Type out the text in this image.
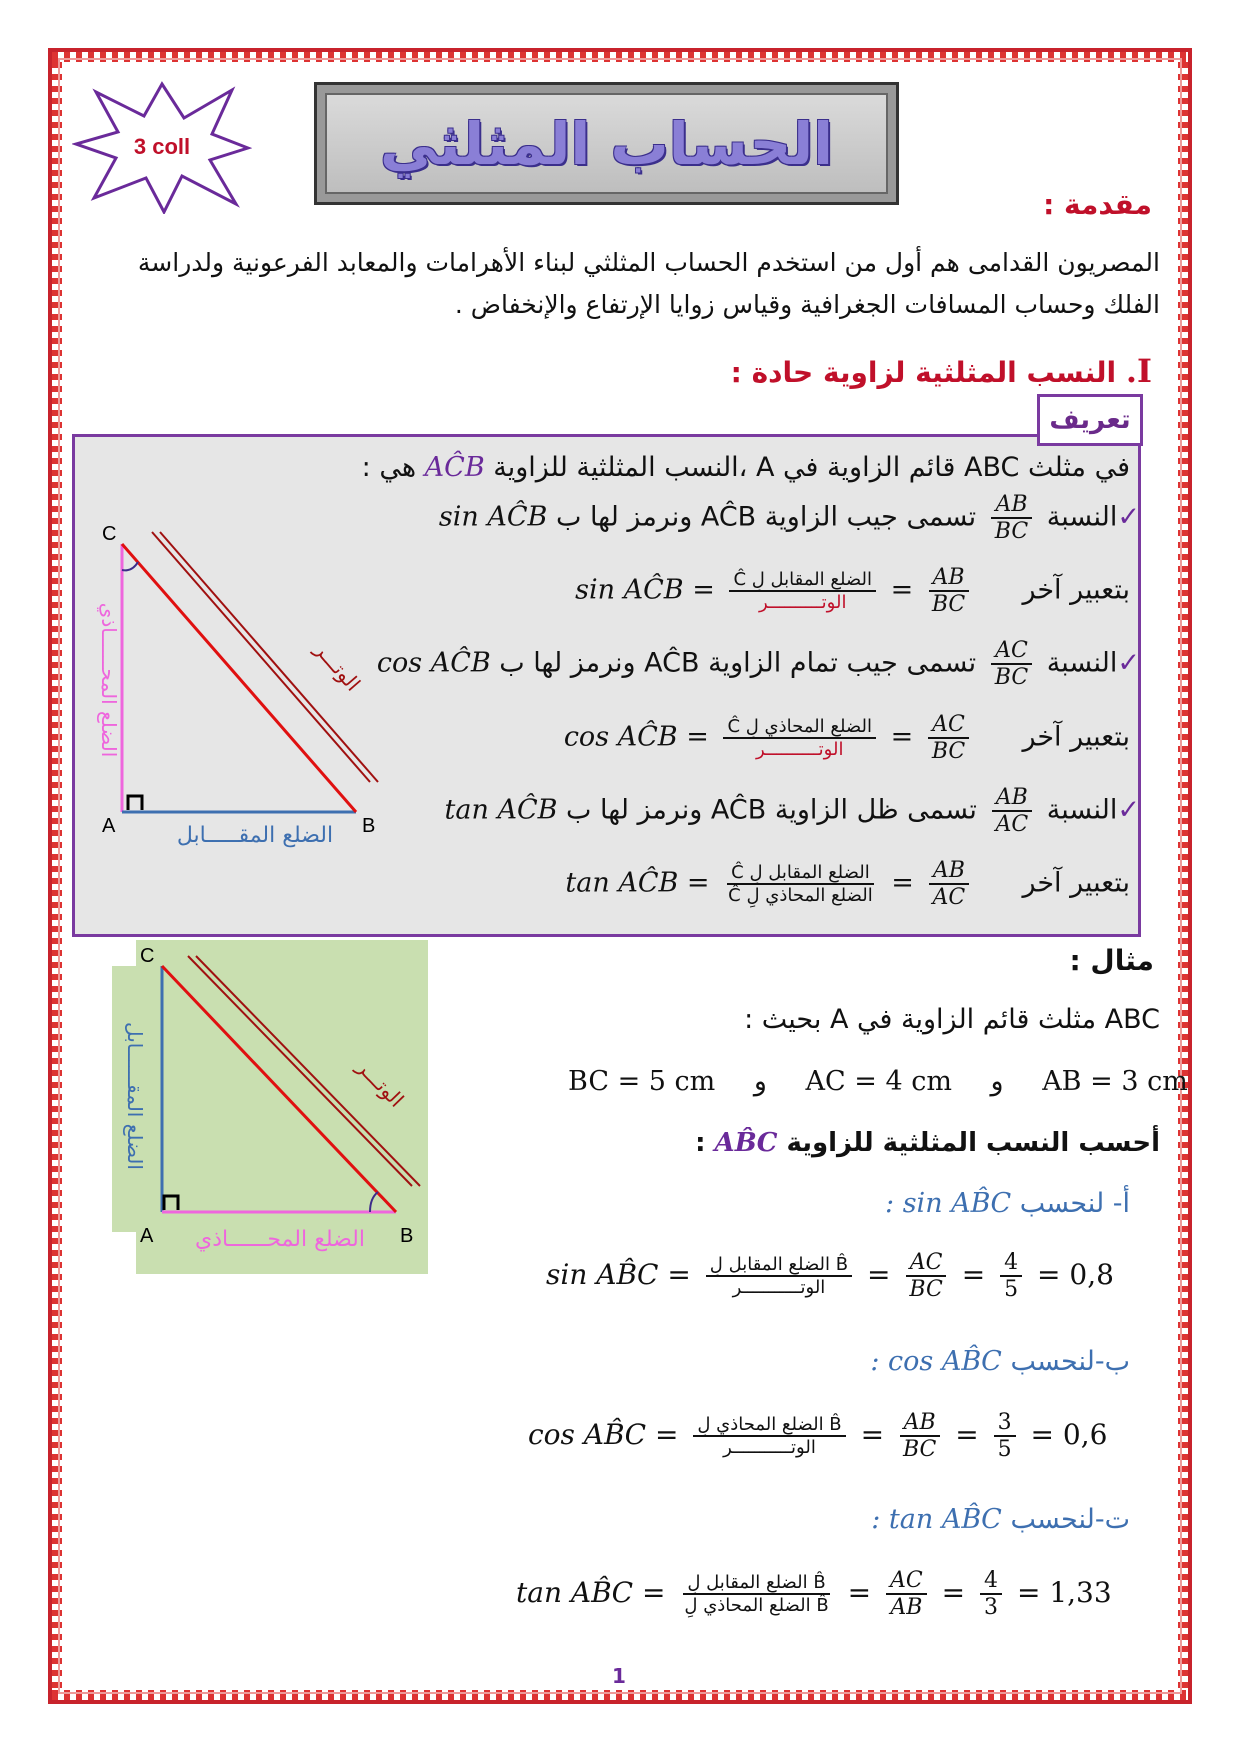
3 coll	الحساب المثلثي
مقدمة :
المصريون القدامى هم أول من استخدم الحساب المثلثي لبناء الأهرامات والمعابد الفرعونية ولدراسة
الفلك وحساب المسافات الجغرافية وقياس زوايا الإرتفاع والإنخفاض .
I. النسب المثلثية لزاوية حادة :
تعريف
في مثلث ABC قائم الزاوية في A ،النسب المثلثية للزاوية AĈB هي :
✓النسبة
$\frac{AB}{BC}$
تسمى جيب الزاوية AĈB ونرمز لها ب sin AĈB
بتعبير آخر
$\frac{AB}{BC}$
=
$\frac{\text{الضلع المقابل لِ Ĉ}}{\text{الوتــــــــــر}}$
= sin AĈB
✓النسبة
$\frac{AC}{BC}$
تسمى جيب تمام الزاوية AĈB ونرمز لها ب cos AĈB
بتعبير آخر
$\frac{AC}{BC}$
=
$\frac{\text{الضلع المحاذي لِ Ĉ}}{\text{الوتــــــــــر}}$
= cos AĈB
✓النسبة
$\frac{AB}{AC}$
تسمى ظل الزاوية AĈB ونرمز لها ب tan AĈB
بتعبير آخر
$\frac{AB}{AC}$
=
$\frac{\text{الضلع المقابل لِ Ĉ}}{\text{الضلع المحاذي لِ Ĉ}}$
= tan AĈB
C
A	B
الضلع المقـــــابل
الضلع المحــــــاذي	الوتـــر
مثال :
ABC مثلث قائم الزاوية في A بحيث :
BC = 5 cm و AC = 4 cm و AB = 3 cm
أحسب النسب المثلثية للزاوية AB̂C :
أ- لنحسب sin AB̂C :
sin AB̂C = $\frac{\text{الضلع المقابل لِ B̂}}{\text{الوتـــــــــــر}} = \frac{AC}{BC} = \frac{4}{5} = 0,8$
ب-لنحسب cos AB̂C :
cos AB̂C = $\frac{\text{الضلع المحاذي لِ B̂}}{\text{الوتـــــــــــر}} = \frac{AB}{BC} = \frac{3}{5} = 0,6$
ت-لنحسب tan AB̂C :
tan AB̂C = $\frac{\text{الضلع المقابل لِ B̂}}{\text{الضلع المحاذي لِ B̂}} = \frac{AC}{AB} = \frac{4}{3} = 1,33$
C
A	B
الضلع المحــــــاذي
الضلع المقــــــابل	الوتـــر
1
